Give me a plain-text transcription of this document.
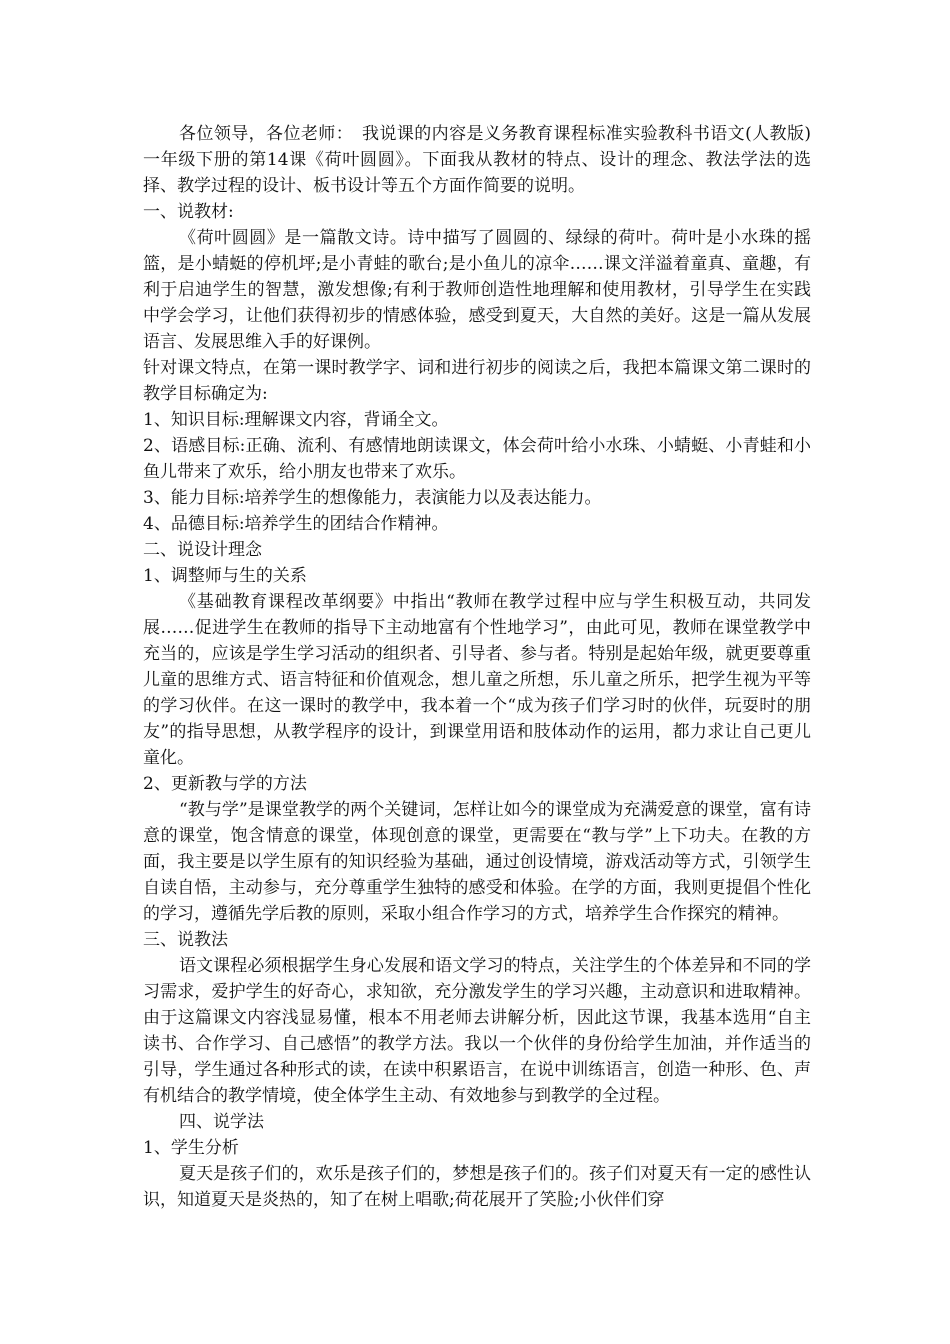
各位领导，各位老师：　我说课的内容是义务教育课程标准实验教科书语文(人教版)一年级下册的第14课《荷叶圆圆》。下面我从教材的特点、设计的理念、教法学法的选择、教学过程的设计、板书设计等五个方面作简要的说明。

一、说教材:

《荷叶圆圆》是一篇散文诗。诗中描写了圆圆的、绿绿的荷叶。荷叶是小水珠的摇篮，是小蜻蜓的停机坪;是小青蛙的歌台;是小鱼儿的凉伞……课文洋溢着童真、童趣，有利于启迪学生的智慧，激发想像;有利于教师创造性地理解和使用教材，引导学生在实践中学会学习，让他们获得初步的情感体验，感受到夏天，大自然的美好。这是一篇从发展语言、发展思维入手的好课例。

针对课文特点，在第一课时教学字、词和进行初步的阅读之后，我把本篇课文第二课时的教学目标确定为:

1、知识目标:理解课文内容，背诵全文。

2、语感目标:正确、流利、有感情地朗读课文，体会荷叶给小水珠、小蜻蜓、小青蛙和小鱼儿带来了欢乐，给小朋友也带来了欢乐。

3、能力目标:培养学生的想像能力，表演能力以及表达能力。

4、品德目标:培养学生的团结合作精神。

二、说设计理念

1、调整师与生的关系

《基础教育课程改革纲要》中指出“教师在教学过程中应与学生积极互动，共同发展……促进学生在教师的指导下主动地富有个性地学习”，由此可见，教师在课堂教学中充当的，应该是学生学习活动的组织者、引导者、参与者。特别是起始年级，就更要尊重儿童的思维方式、语言特征和价值观念，想儿童之所想，乐儿童之所乐，把学生视为平等的学习伙伴。在这一课时的教学中，我本着一个“成为孩子们学习时的伙伴，玩耍时的朋友”的指导思想，从教学程序的设计，到课堂用语和肢体动作的运用，都力求让自己更儿童化。

2、更新教与学的方法

“教与学”是课堂教学的两个关键词，怎样让如今的课堂成为充满爱意的课堂，富有诗意的课堂，饱含情意的课堂，体现创意的课堂，更需要在“教与学”上下功夫。在教的方面，我主要是以学生原有的知识经验为基础，通过创设情境，游戏活动等方式，引领学生自读自悟，主动参与，充分尊重学生独特的感受和体验。在学的方面，我则更提倡个性化的学习，遵循先学后教的原则，采取小组合作学习的方式，培养学生合作探究的精神。

三、说教法

语文课程必须根据学生身心发展和语文学习的特点，关注学生的个体差异和不同的学习需求，爱护学生的好奇心，求知欲，充分激发学生的学习兴趣，主动意识和进取精神。由于这篇课文内容浅显易懂，根本不用老师去讲解分析，因此这节课，我基本选用“自主读书、合作学习、自己感悟”的教学方法。我以一个伙伴的身份给学生加油，并作适当的引导，学生通过各种形式的读，在读中积累语言，在说中训练语言，创造一种形、色、声有机结合的教学情境，使全体学生主动、有效地参与到教学的全过程。

四、说学法

1、学生分析

夏天是孩子们的，欢乐是孩子们的，梦想是孩子们的。孩子们对夏天有一定的感性认识，知道夏天是炎热的，知了在树上唱歌;荷花展开了笑脸;小伙伴们穿
